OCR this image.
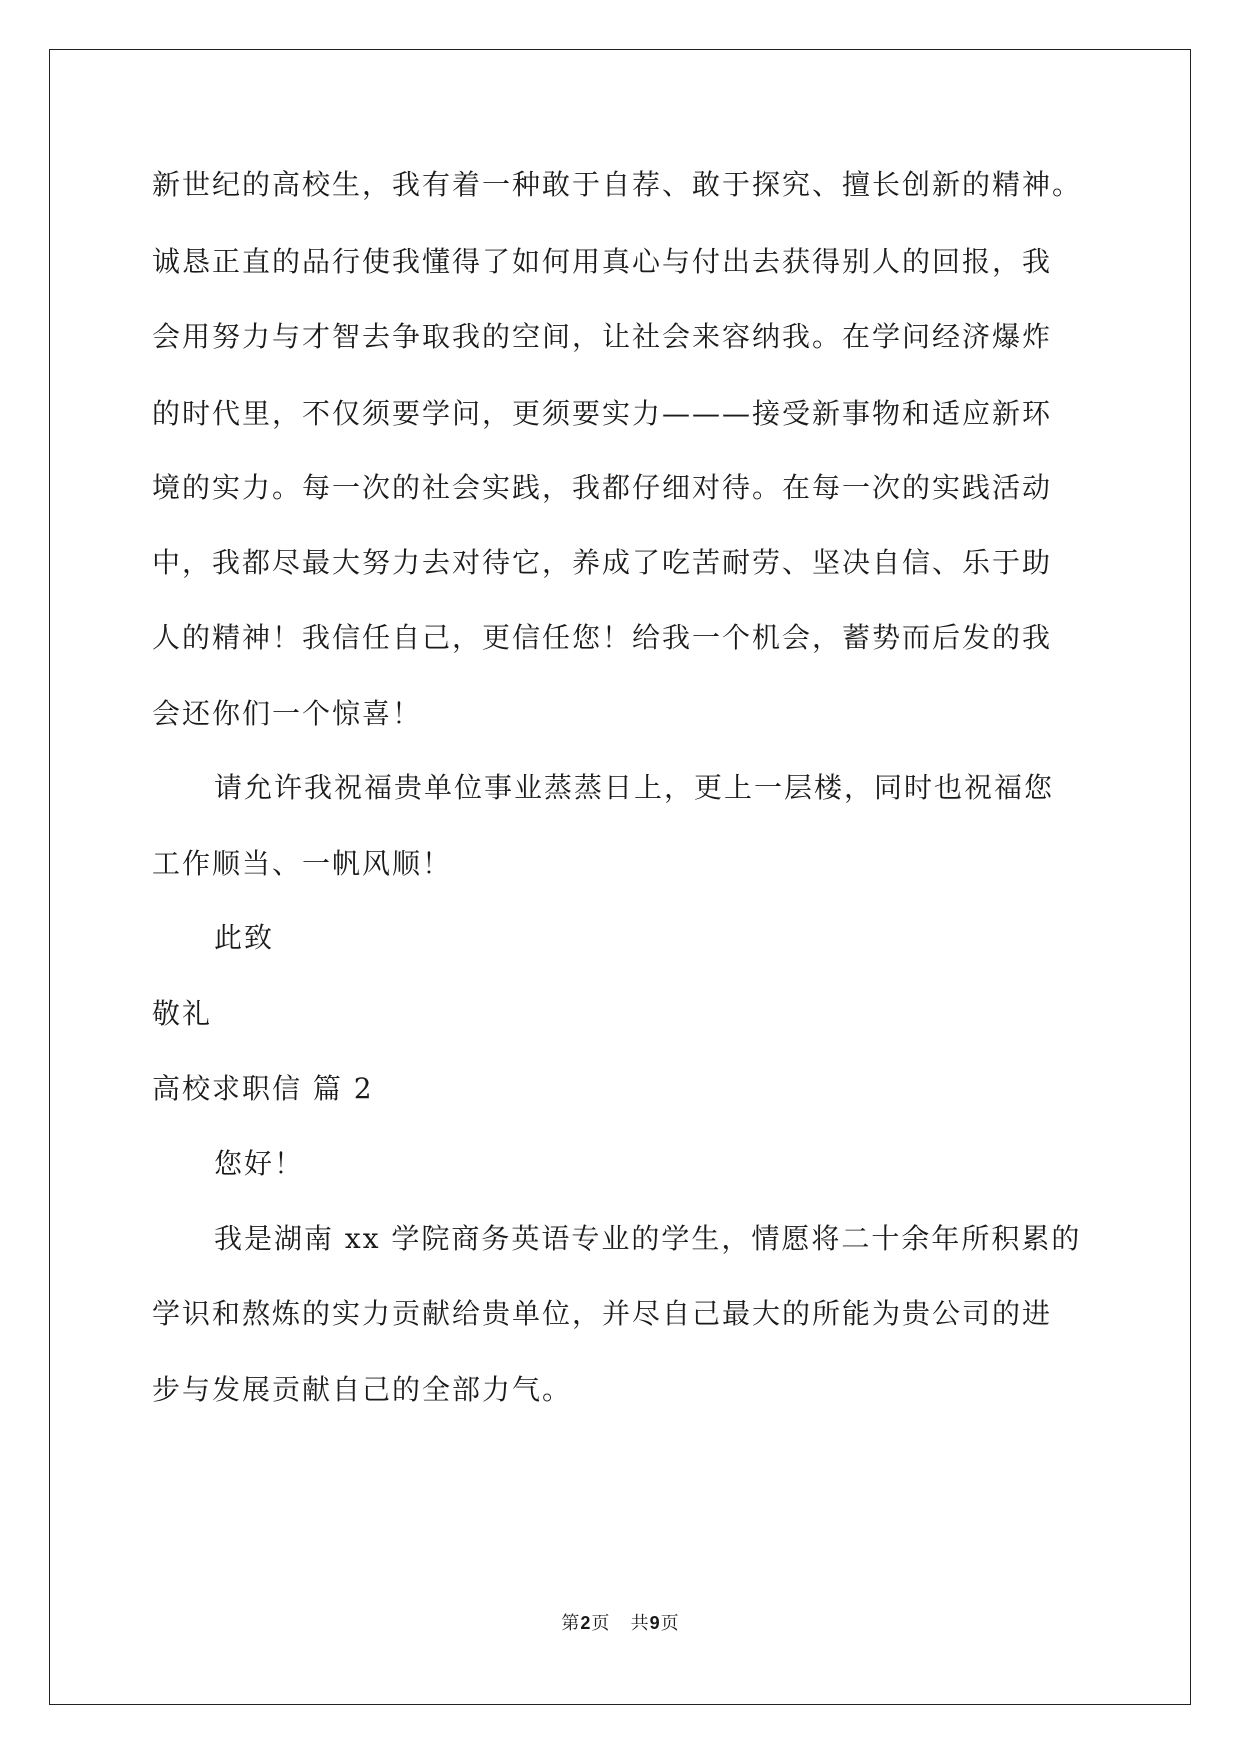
新世纪的高校生，我有着一种敢于自荐、敢于探究、擅长创新的精神。
诚恳正直的品行使我懂得了如何用真心与付出去获得别人的回报，我
会用努力与才智去争取我的空间，让社会来容纳我。在学问经济爆炸
的时代里，不仅须要学问，更须要实力———接受新事物和适应新环
境的实力。每一次的社会实践，我都仔细对待。在每一次的实践活动
中，我都尽最大努力去对待它，养成了吃苦耐劳、坚决自信、乐于助
人的精神！我信任自己，更信任您！给我一个机会，蓄势而后发的我
会还你们一个惊喜！
请允许我祝福贵单位事业蒸蒸日上，更上一层楼，同时也祝福您
工作顺当、一帆风顺！
此致
敬礼
高校求职信 篇 2
您好！
我是湖南 xx 学院商务英语专业的学生，情愿将二十余年所积累的
学识和熬炼的实力贡献给贵单位，并尽自己最大的所能为贵公司的进
步与发展贡献自己的全部力气。
第2页   共9页
